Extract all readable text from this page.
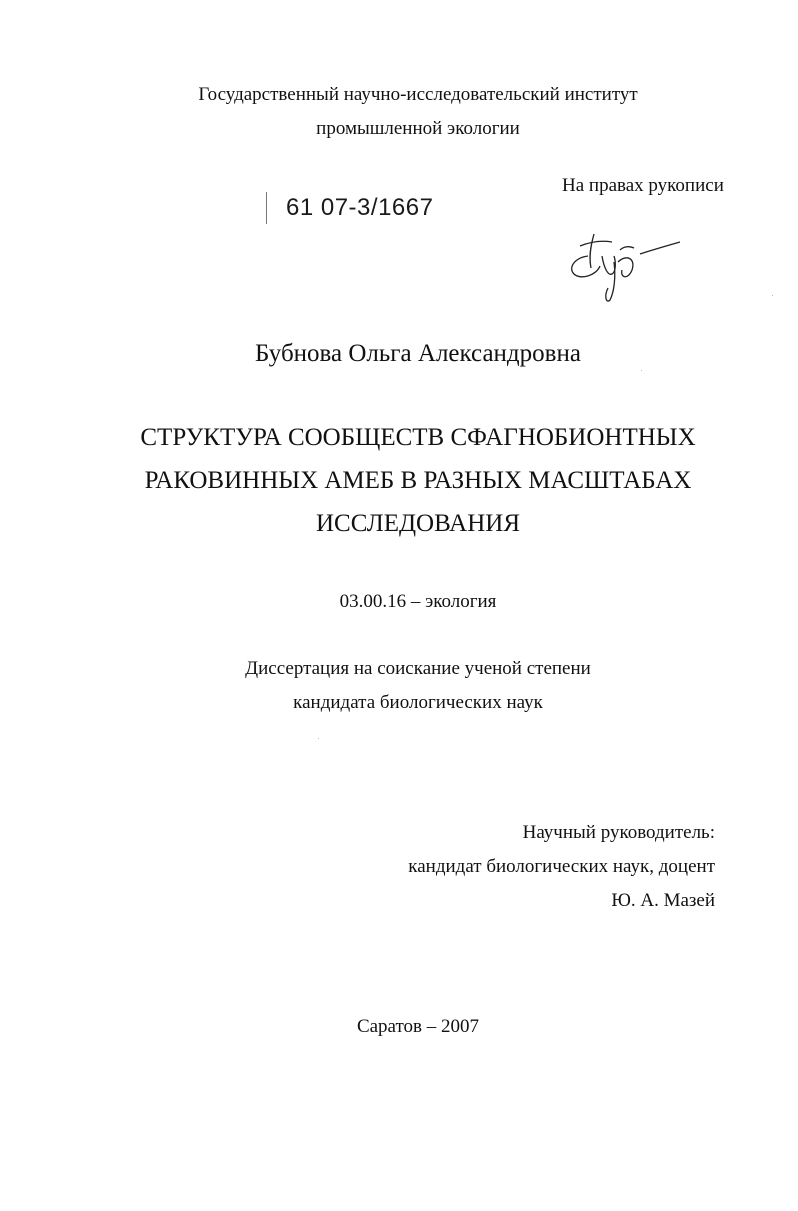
Государственный научно-исследовательский институт
промышленной экологии
61 07-3/1667
На правах рукописи
Бубнова Ольга Александровна
СТРУКТУРА СООБЩЕСТВ СФАГНОБИОНТНЫХ
РАКОВИННЫХ АМЕБ В РАЗНЫХ МАСШТАБАХ
ИССЛЕДОВАНИЯ
03.00.16 – экология
Диссертация на соискание ученой степени
кандидата биологических наук
Научный руководитель:
кандидат биологических наук, доцент
Ю. А. Мазей
Саратов – 2007
